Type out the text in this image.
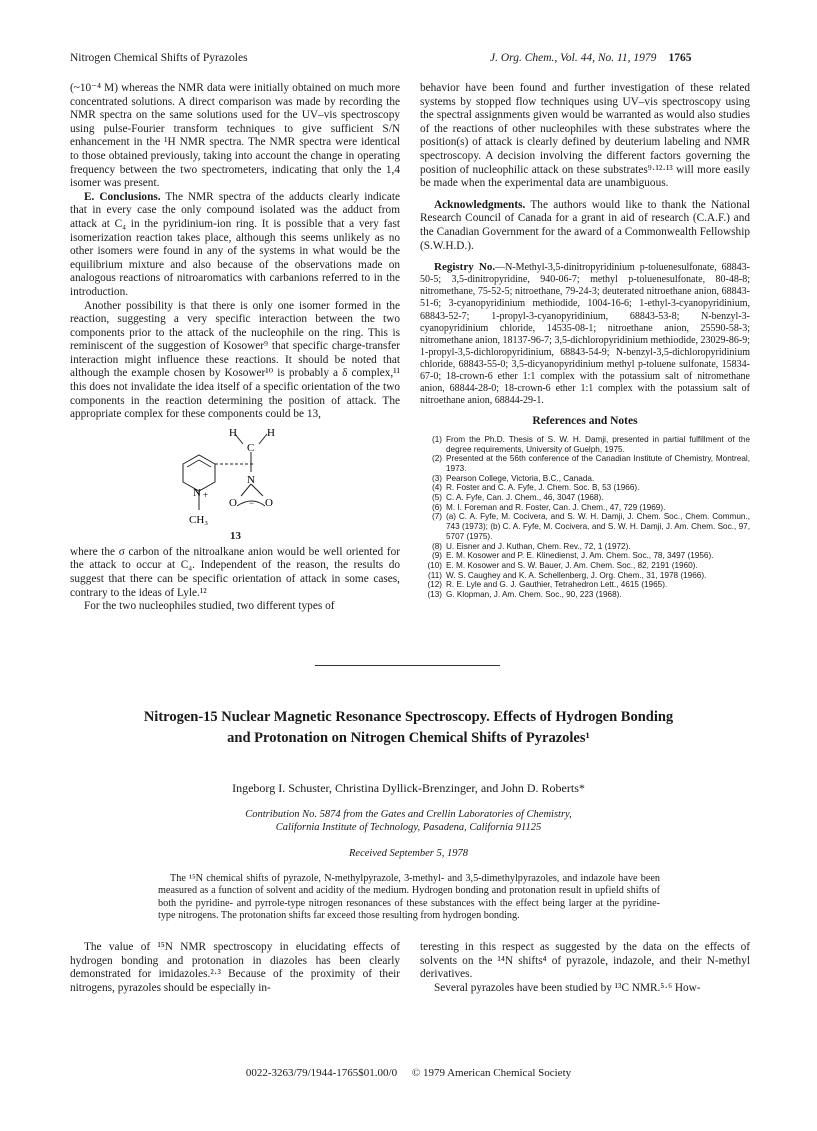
Nitrogen Chemical Shifts of Pyrazoles	J. Org. Chem., Vol. 44, No. 11, 1979 1765

(~10⁻⁴ M) whereas the NMR data were initially obtained on much more concentrated solutions. A direct comparison was made by recording the NMR spectra on the same solutions used for the UV–vis spectroscopy using pulse-Fourier transform techniques to give sufficient S/N enhancement in the ¹H NMR spectra. The NMR spectra were identical to those obtained previously, taking into account the change in operating frequency between the two spectrometers, indicating that only the 1,4 isomer was present.

E. Conclusions. The NMR spectra of the adducts clearly indicate that in every case the only compound isolated was the adduct from attack at C₄ in the pyridinium-ion ring. It is possible that a very fast isomerization reaction takes place, although this seems unlikely as no other isomers were found in any of the systems in what would be the equilibrium mixture and also because of the observations made on analogous reactions of nitroaromatics with carbanions referred to in the introduction.

Another possibility is that there is only one isomer formed in the reaction, suggesting a very specific interaction between the two components prior to the attack of the nucleophile on the ring. This is reminiscent of the suggestion of Kosower⁹ that specific charge-transfer interaction might influence these reactions. It should be noted that although the example chosen by Kosower¹⁰ is probably a δ complex,¹¹ this does not invalidate the idea itself of a specific orientation of the two components in the reaction determining the position of attack. The appropriate complex for these components could be 13,

H	H
C
N +
CH₃
N
O	O
−
13

where the σ carbon of the nitroalkane anion would be well oriented for the attack to occur at C₄. Independent of the reason, the results do suggest that there can be specific orientation of attack in some cases, contrary to the ideas of Lyle.¹²

For the two nucleophiles studied, two different types of

behavior have been found and further investigation of these related systems by stopped flow techniques using UV–vis spectroscopy using the spectral assignments given would be warranted as would also studies of the reactions of other nucleophiles with these substrates where the position(s) of attack is clearly defined by deuterium labeling and NMR spectroscopy. A decision involving the different factors governing the position of nucleophilic attack on these substrates⁹·¹²·¹³ will more easily be made when the experimental data are unambiguous.

Acknowledgments. The authors would like to thank the National Research Council of Canada for a grant in aid of research (C.A.F.) and the Canadian Government for the award of a Commonwealth Fellowship (S.W.H.D.).

Registry No.—N-Methyl-3,5-dinitropyridinium p-toluenesulfonate, 68843-50-5; 3,5-dinitropyridine, 940-06-7; methyl p-toluenesulfonate, 80-48-8; nitromethane, 75-52-5; nitroethane, 79-24-3; deuterated nitroethane anion, 68843-51-6; 3-cyanopyridinium methiodide, 1004-16-6; 1-ethyl-3-cyanopyridinium, 68843-52-7; 1-propyl-3-cyanopyridinium, 68843-53-8; N-benzyl-3-cyanopyridinium chloride, 14535-08-1; nitroethane anion, 25590-58-3; nitromethane anion, 18137-96-7; 3,5-dichloropyridinium methiodide, 23029-86-9; 1-propyl-3,5-dichloropyridinium, 68843-54-9; N-benzyl-3,5-dichloropyridinium chloride, 68843-55-0; 3,5-dicyanopyridinium methyl p-toluene sulfonate, 15834-67-0; 18-crown-6 ether 1:1 complex with the potassium salt of nitromethane anion, 68844-28-0; 18-crown-6 ether 1:1 complex with the potassium salt of nitroethane anion, 68844-29-1.

References and Notes
(1) From the Ph.D. Thesis of S. W. H. Damji, presented in partial fulfillment of the degree requirements, University of Guelph, 1975.
(2) Presented at the 56th conference of the Canadian Institute of Chemistry, Montreal, 1973.
(3) Pearson College, Victoria, B.C., Canada.
(4) R. Foster and C. A. Fyfe, J. Chem. Soc. B, 53 (1966).
(5) C. A. Fyfe, Can. J. Chem., 46, 3047 (1968).
(6) M. I. Foreman and R. Foster, Can. J. Chem., 47, 729 (1969).
(7) (a) C. A. Fyfe, M. Cocivera, and S. W. H. Damji, J. Chem. Soc., Chem. Commun., 743 (1973); (b) C. A. Fyfe, M. Cocivera, and S. W. H. Damji, J. Am. Chem. Soc., 97, 5707 (1975).
(8) U. Eisner and J. Kuthan, Chem. Rev., 72, 1 (1972).
(9) E. M. Kosower and P. E. Klinedienst, J. Am. Chem. Soc., 78, 3497 (1956).
(10) E. M. Kosower and S. W. Bauer, J. Am. Chem. Soc., 82, 2191 (1960).
(11) W. S. Caughey and K. A. Schellenberg, J. Org. Chem., 31, 1978 (1966).
(12) R. E. Lyle and G. J. Gauthier, Tetrahedron Lett., 4615 (1965).
(13) G. Klopman, J. Am. Chem. Soc., 90, 223 (1968).
Nitrogen-15 Nuclear Magnetic Resonance Spectroscopy. Effects of Hydrogen Bonding and Protonation on Nitrogen Chemical Shifts of Pyrazoles¹
Ingeborg I. Schuster, Christina Dyllick-Brenzinger, and John D. Roberts*
Contribution No. 5874 from the Gates and Crellin Laboratories of Chemistry,
California Institute of Technology, Pasadena, California 91125
Received September 5, 1978

The ¹⁵N chemical shifts of pyrazole, N-methylpyrazole, 3-methyl- and 3,5-dimethylpyrazoles, and indazole have been measured as a function of solvent and acidity of the medium. Hydrogen bonding and protonation result in upfield shifts of both the pyridine- and pyrrole-type nitrogen resonances of these substances with the effect being larger at the pyridine-type nitrogens. The protonation shifts far exceed those resulting from hydrogen bonding.

The value of ¹⁵N NMR spectroscopy in elucidating effects of hydrogen bonding and protonation in diazoles has been clearly demonstrated for imidazoles.²·³ Because of the proximity of their nitrogens, pyrazoles should be especially in-

teresting in this respect as suggested by the data on the effects of solvents on the ¹⁴N shifts⁴ of pyrazole, indazole, and their N-methyl derivatives.

Several pyrazoles have been studied by ¹³C NMR.⁵·⁶ How-

0022-3263/79/1944-1765$01.00/0 © 1979 American Chemical Society
